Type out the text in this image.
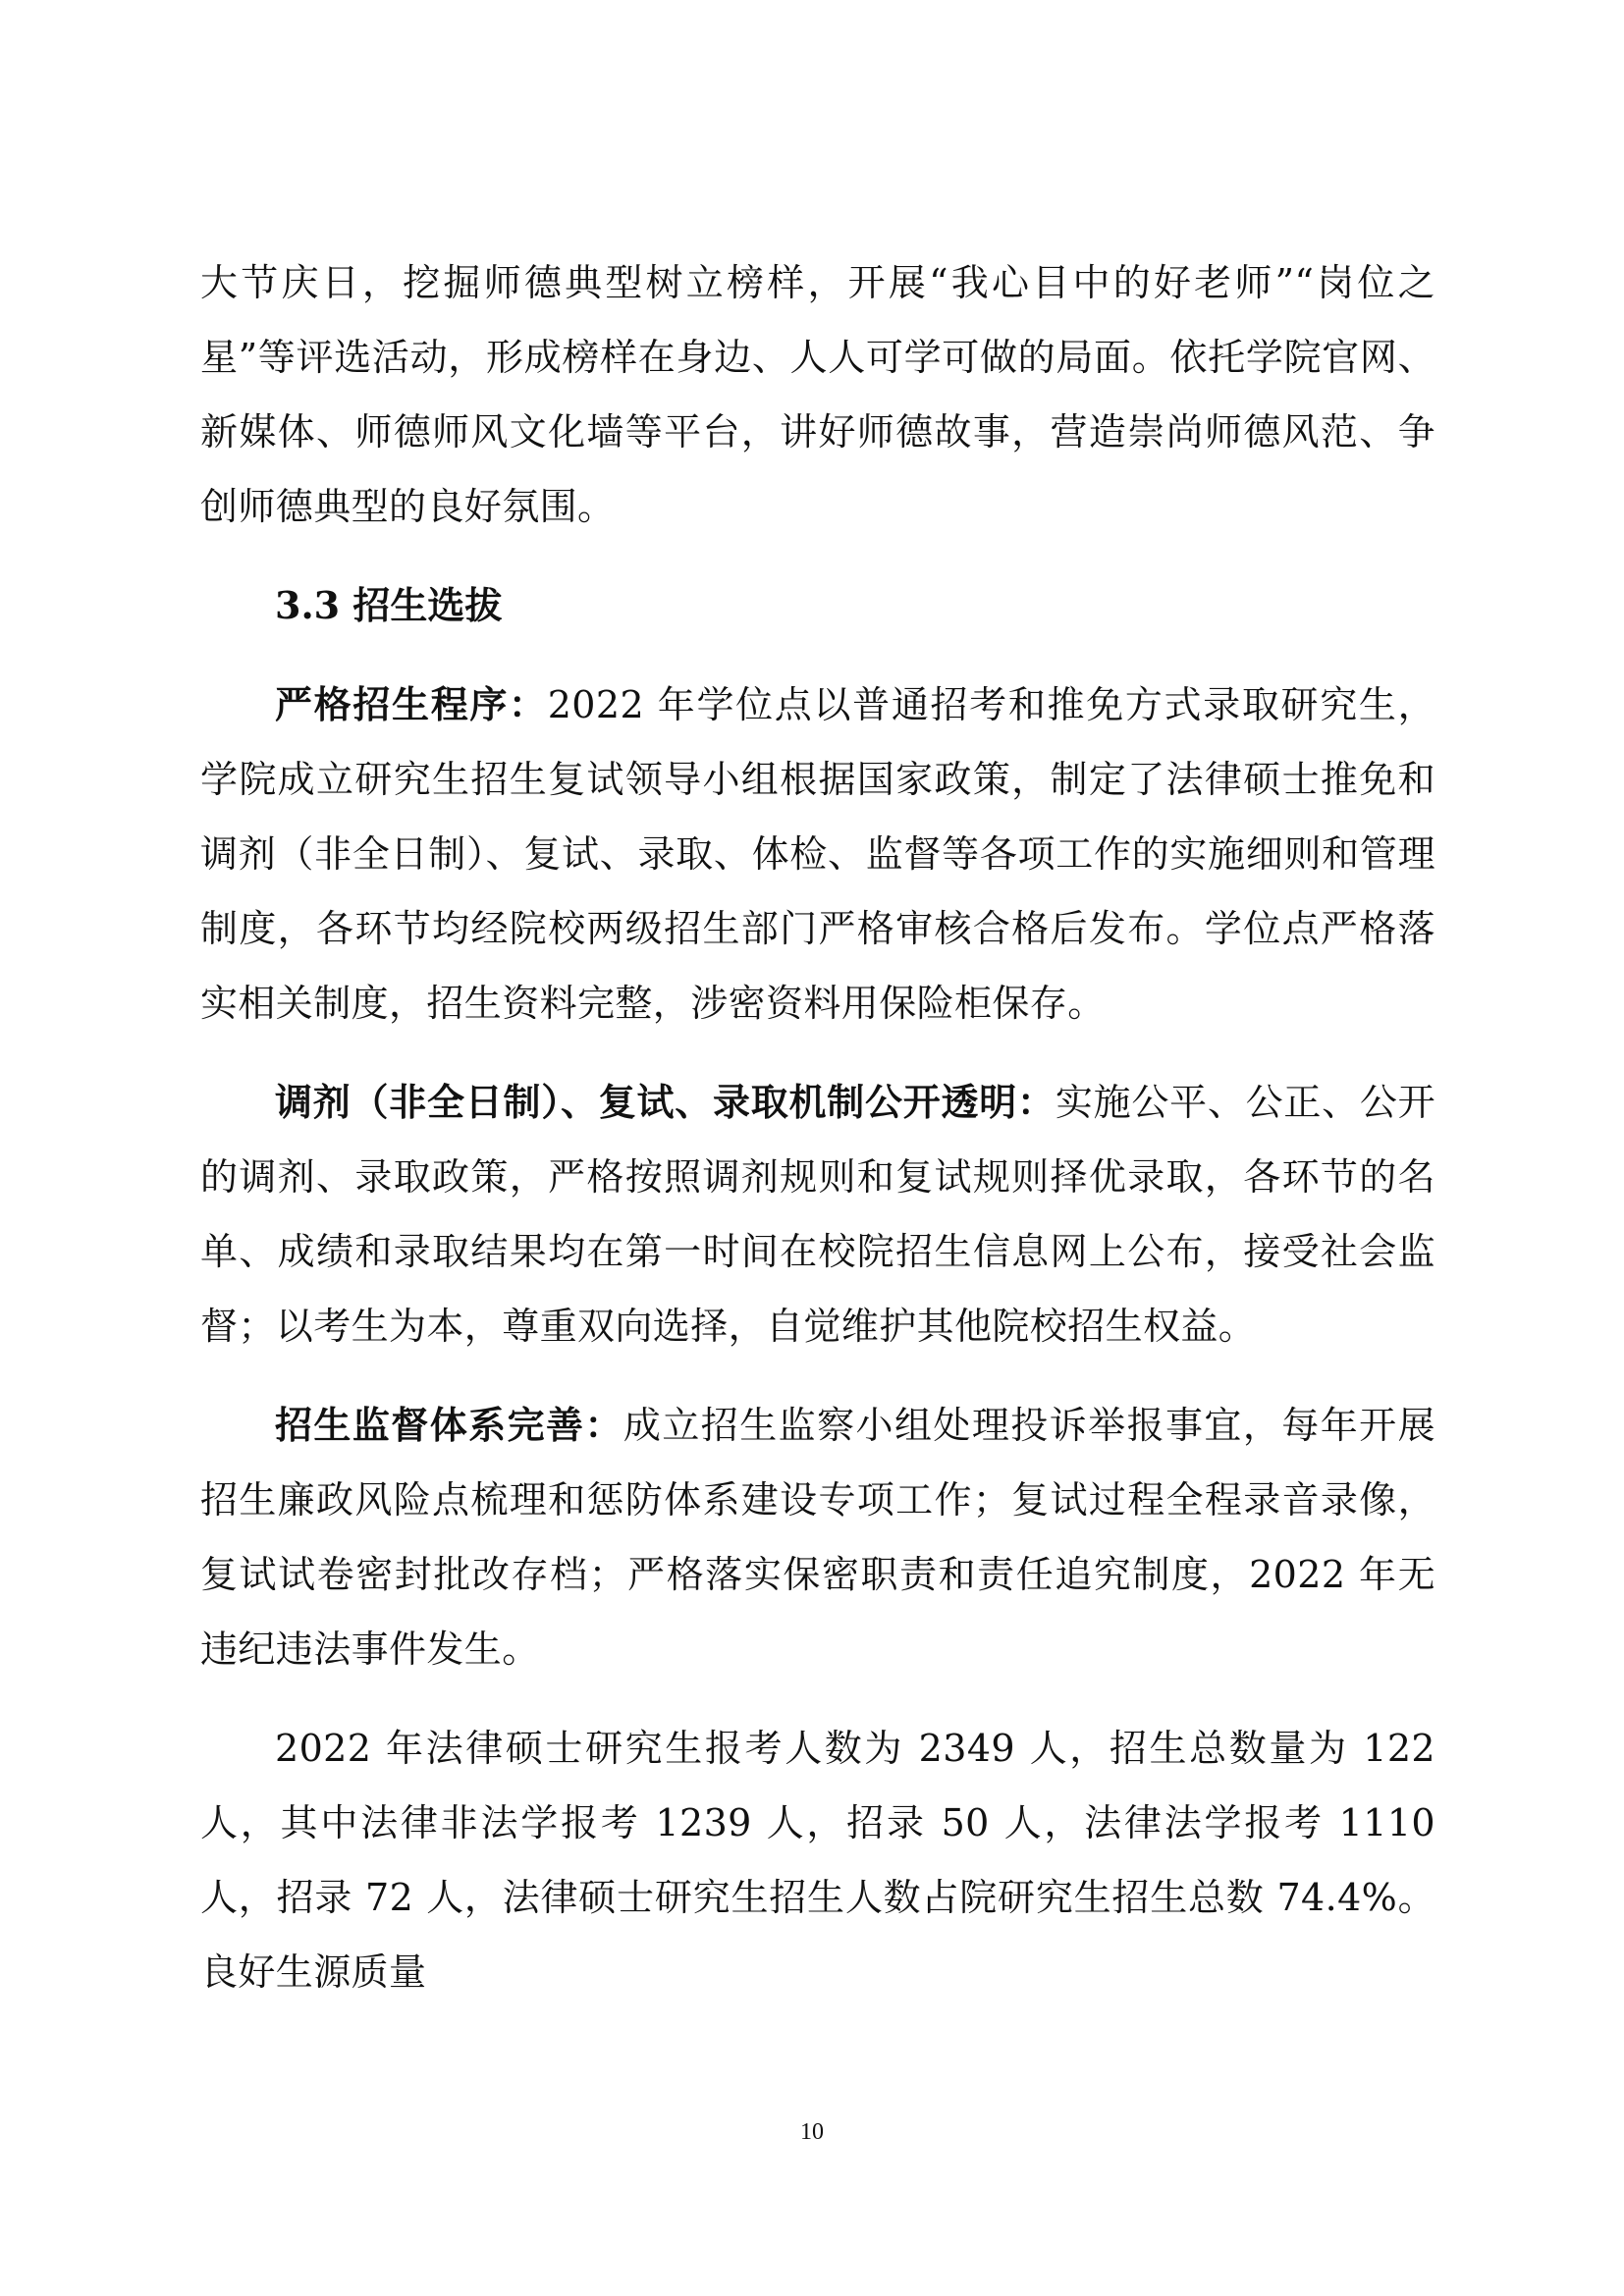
大节庆日，挖掘师德典型树立榜样，开展“我心目中的好老师”“岗位之星”等评选活动，形成榜样在身边、人人可学可做的局面。依托学院官网、新媒体、师德师风文化墙等平台，讲好师德故事，营造崇尚师德风范、争创师德典型的良好氛围。

3.3 招生选拔

严格招生程序：2022 年学位点以普通招考和推免方式录取研究生，学院成立研究生招生复试领导小组根据国家政策，制定了法律硕士推免和调剂（非全日制）、复试、录取、体检、监督等各项工作的实施细则和管理制度，各环节均经院校两级招生部门严格审核合格后发布。学位点严格落实相关制度，招生资料完整，涉密资料用保险柜保存。

调剂（非全日制）、复试、录取机制公开透明：实施公平、公正、公开的调剂、录取政策，严格按照调剂规则和复试规则择优录取，各环节的名单、成绩和录取结果均在第一时间在校院招生信息网上公布，接受社会监督；以考生为本，尊重双向选择，自觉维护其他院校招生权益。

招生监督体系完善：成立招生监察小组处理投诉举报事宜，每年开展招生廉政风险点梳理和惩防体系建设专项工作；复试过程全程录音录像，复试试卷密封批改存档；严格落实保密职责和责任追究制度，2022 年无违纪违法事件发生。

2022 年法律硕士研究生报考人数为 2349 人，招生总数量为 122 人，其中法律非法学报考 1239 人，招录 50 人，法律法学报考 1110 人，招录 72 人，法律硕士研究生招生人数占院研究生招生总数 74.4%。良好生源质量

10
